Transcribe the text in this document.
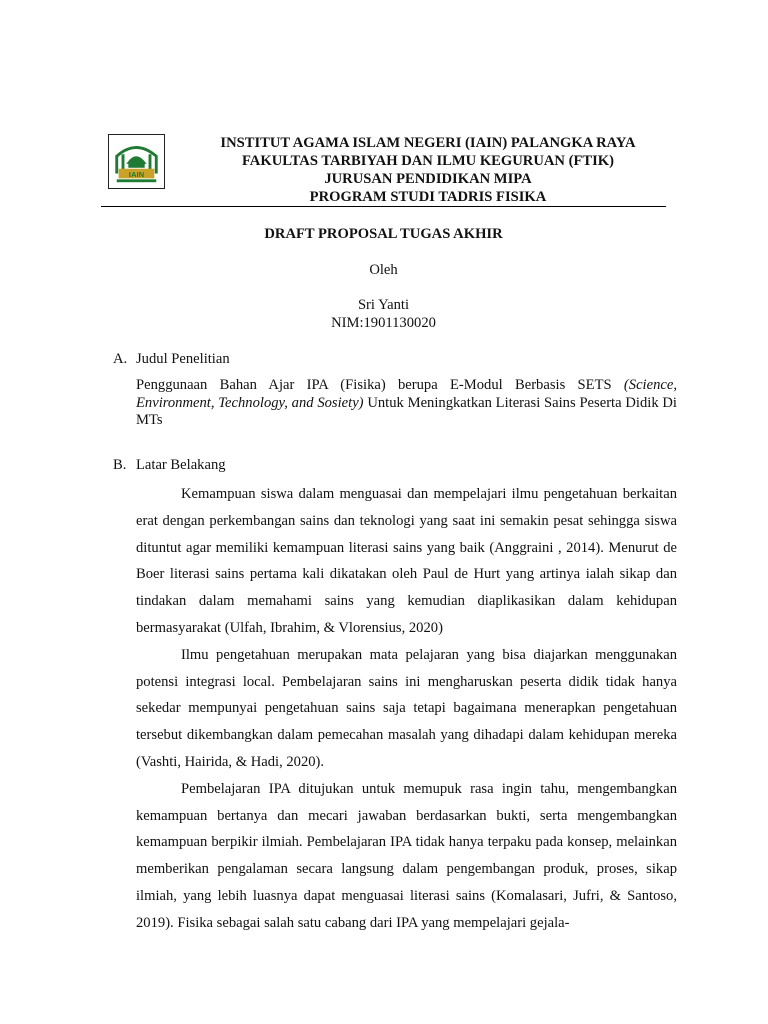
IAIN
INSTITUT AGAMA ISLAM NEGERI (IAIN) PALANGKA RAYA
FAKULTAS TARBIYAH DAN ILMU KEGURUAN (FTIK)
JURUSAN PENDIDIKAN MIPA
PROGRAM STUDI TADRIS FISIKA
DRAFT PROPOSAL TUGAS AKHIR
Oleh
Sri Yanti
NIM:1901130020
A. Judul Penelitian
Penggunaan Bahan Ajar IPA (Fisika) berupa E-Modul Berbasis SETS (Science, Environment, Technology, and Sosiety) Untuk Meningkatkan Literasi Sains Peserta Didik Di MTs
B. Latar Belakang

Kemampuan siswa dalam menguasai dan mempelajari ilmu pengetahuan berkaitan erat dengan perkembangan sains dan teknologi yang saat ini semakin pesat sehingga siswa dituntut agar memiliki kemampuan literasi sains yang baik (Anggraini , 2014). Menurut de Boer literasi sains pertama kali dikatakan oleh Paul de Hurt yang artinya ialah sikap dan tindakan dalam memahami sains yang kemudian diaplikasikan dalam kehidupan bermasyarakat (Ulfah, Ibrahim, & Vlorensius, 2020)

Ilmu pengetahuan merupakan mata pelajaran yang bisa diajarkan menggunakan potensi integrasi local. Pembelajaran sains ini mengharuskan peserta didik tidak hanya sekedar mempunyai pengetahuan sains saja tetapi bagaimana menerapkan pengetahuan tersebut dikembangkan dalam pemecahan masalah yang dihadapi dalam kehidupan mereka (Vashti, Hairida, & Hadi, 2020).

Pembelajaran IPA ditujukan untuk memupuk rasa ingin tahu, mengembangkan kemampuan bertanya dan mecari jawaban berdasarkan bukti, serta mengembangkan kemampuan berpikir ilmiah. Pembelajaran IPA tidak hanya terpaku pada konsep, melainkan memberikan pengalaman secara langsung dalam pengembangan produk, proses, sikap ilmiah, yang lebih luasnya dapat menguasai literasi sains (Komalasari, Jufri, & Santoso, 2019). Fisika sebagai salah satu cabang dari IPA yang mempelajari gejala-
